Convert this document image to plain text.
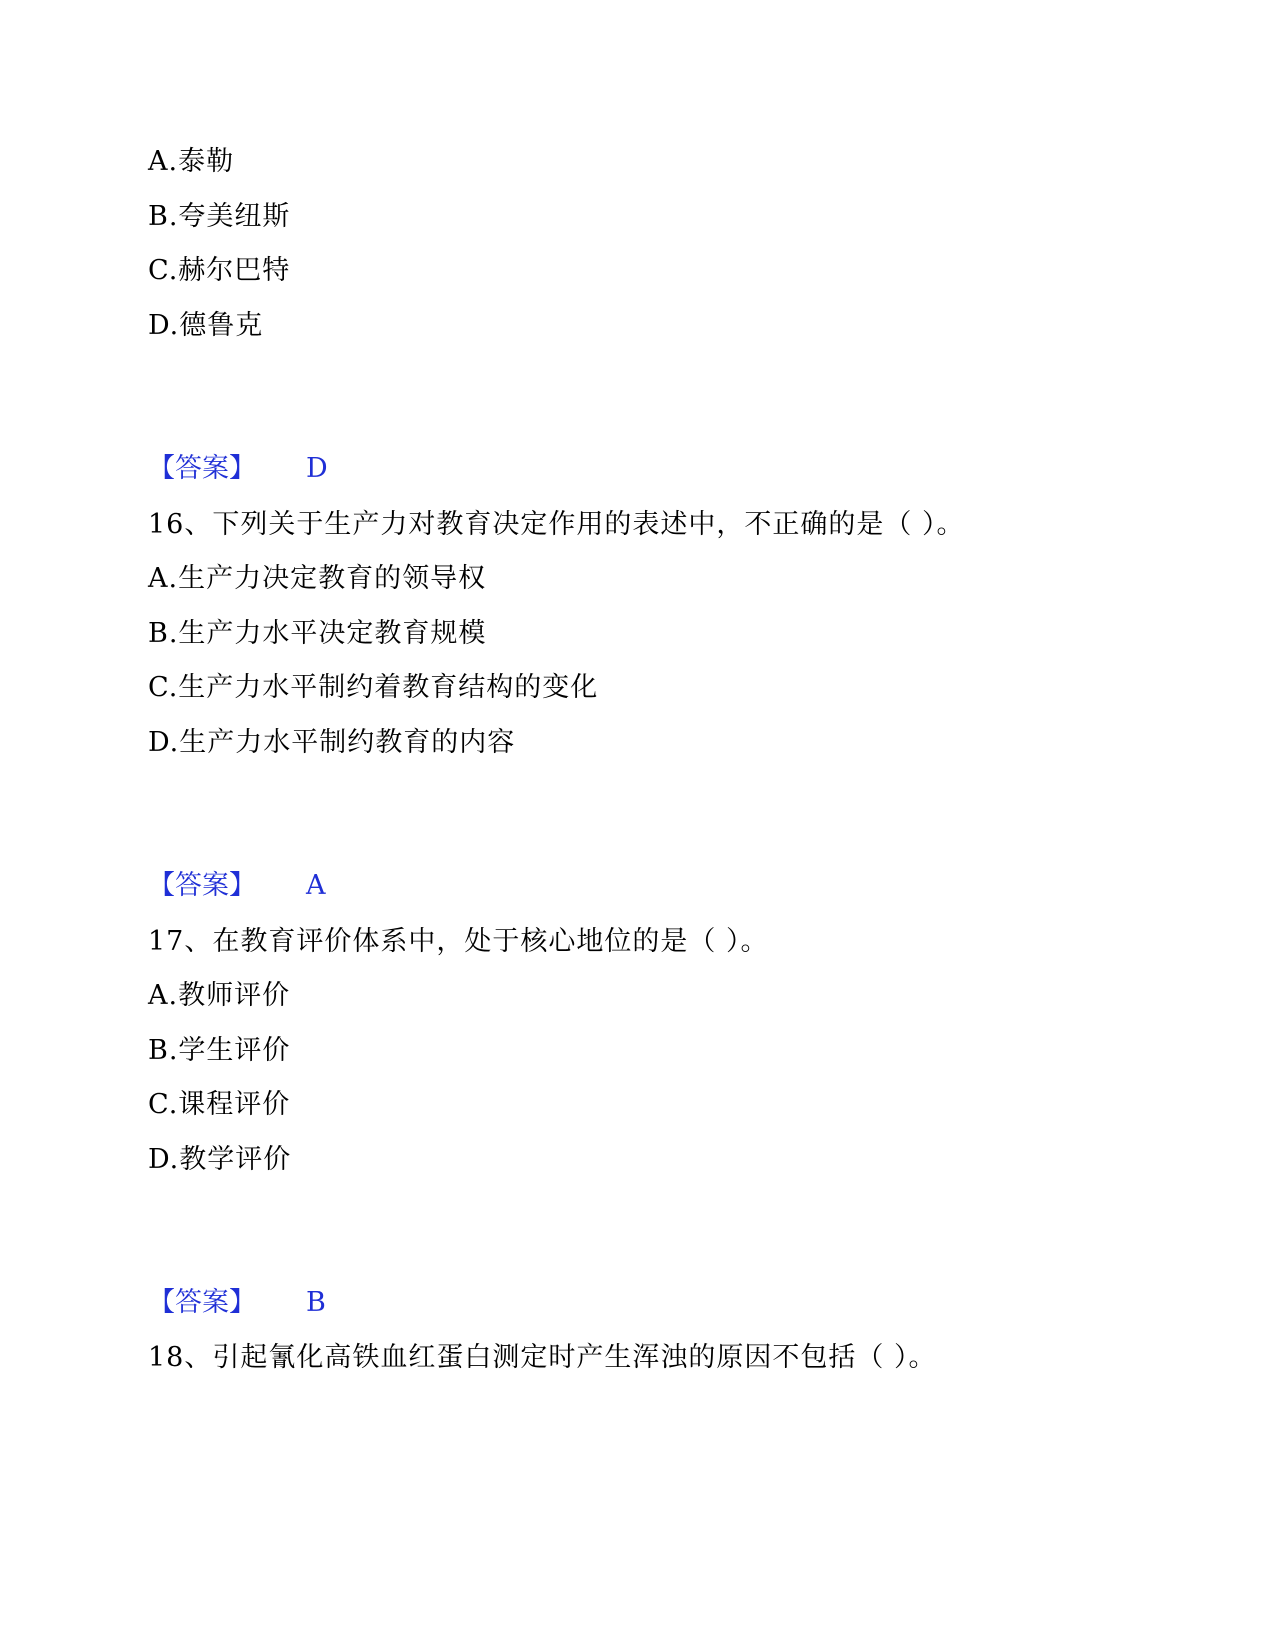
A.泰勒
B.夸美纽斯
C.赫尔巴特
D.德鲁克
【答案】 D
16、下列关于生产力对教育决定作用的表述中，不正确的是（ ）。
A.生产力决定教育的领导权
B.生产力水平决定教育规模
C.生产力水平制约着教育结构的变化
D.生产力水平制约教育的内容
【答案】 A
17、在教育评价体系中，处于核心地位的是（ ）。
A.教师评价
B.学生评价
C.课程评价
D.教学评价
【答案】 B
18、引起氰化高铁血红蛋白测定时产生浑浊的原因不包括（ ）。
